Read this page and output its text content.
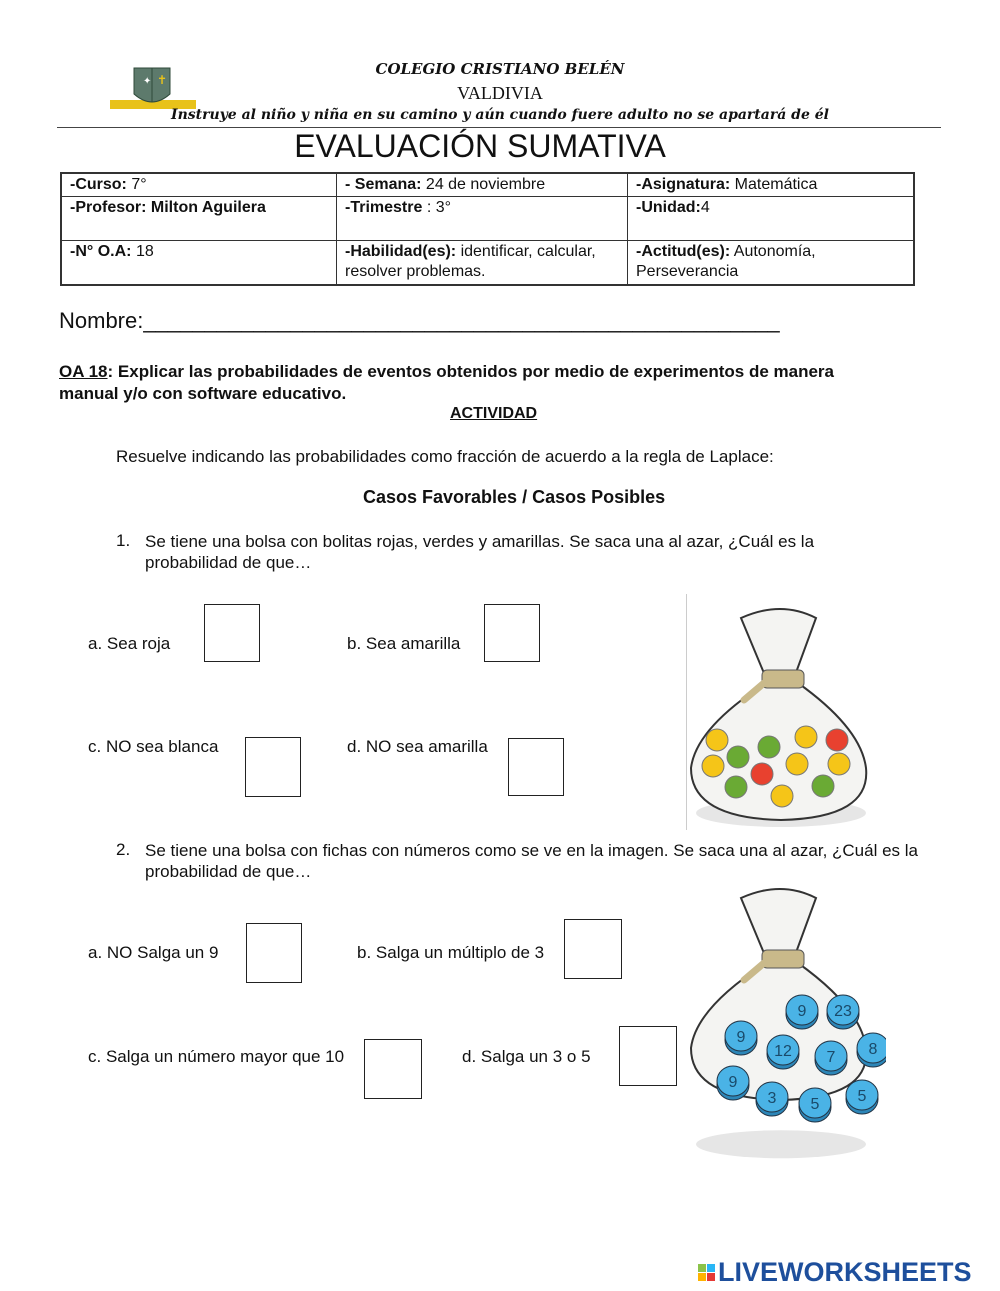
✦ ✝
COLEGIO CRISTIANO BELÉN
VALDIVIA
Instruye al niño y niña en su camino y aún cuando fuere adulto no se apartará de él
EVALUACIÓN SUMATIVA
-Curso: 7°	- Semana: 24 de noviembre	-Asignatura: Matemática
-Profesor: Milton Aguilera	-Trimestre : 3°	-Unidad:4
-N° O.A: 18	-Habilidad(es): identificar, calcular, resolver problemas.	-Actitud(es): Autonomía, Perseverancia
Nombre:____________________________________________________
OA 18: Explicar las probabilidades de eventos obtenidos por medio de experimentos de manera manual y/o con software educativo.
ACTIVIDAD
Resuelve indicando las probabilidades como fracción de acuerdo a la regla de Laplace:
Casos Favorables / Casos Posibles
1. Se tiene una bolsa con bolitas rojas, verdes y amarillas. Se saca una al azar, ¿Cuál es la probabilidad de que…
a. Sea roja	b. Sea amarilla
c. NO sea blanca	d. NO sea amarilla
2. Se tiene una bolsa con fichas con números como se ve en la imagen. Se saca una al azar, ¿Cuál es la probabilidad de que…
a. NO Salga un 9	b. Salga un múltiplo de 3
c. Salga un número mayor que 10	d. Salga un 3 o 5
9 23
9
12 7 8
9
3 5 5
LIVEWORKSHEETS
